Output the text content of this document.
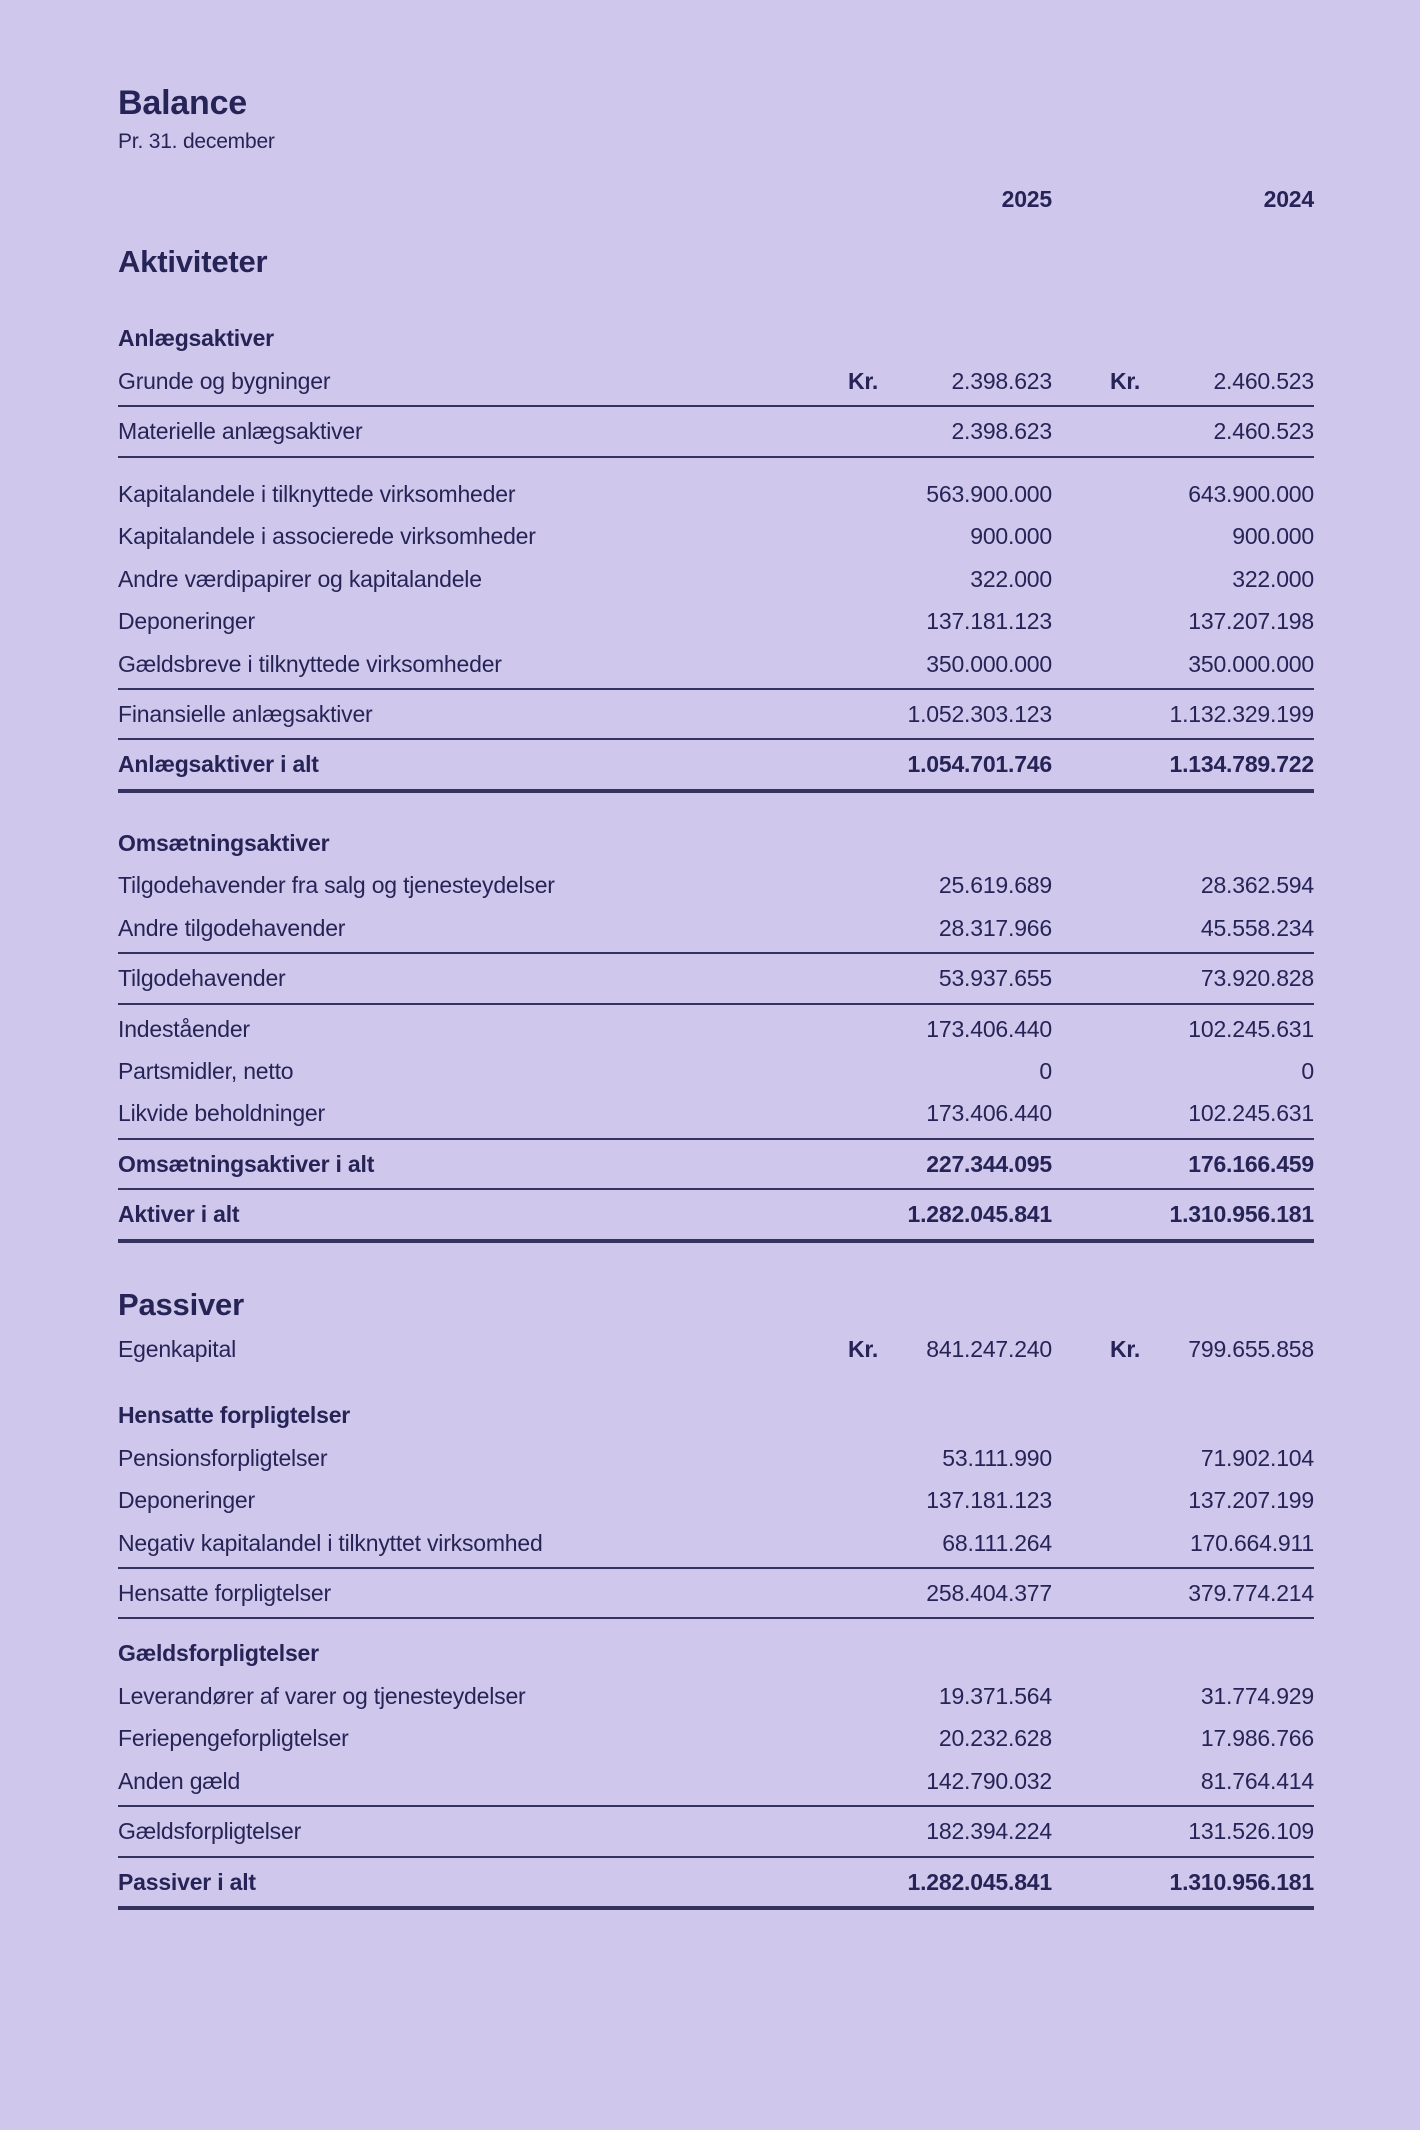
Balance
Pr. 31. december
2025	2024
Aktiviteter
Anlægsaktiver
Grunde og bygninger	Kr.	2.398.623	Kr.	2.460.523
Materielle anlægsaktiver	2.398.623	2.460.523
Kapitalandele i tilknyttede virksomheder	563.900.000	643.900.000
Kapitalandele i associerede virksomheder	900.000	900.000
Andre værdipapirer og kapitalandele	322.000	322.000
Deponeringer	137.181.123	137.207.198
Gældsbreve i tilknyttede virksomheder	350.000.000	350.000.000
Finansielle anlægsaktiver	1.052.303.123	1.132.329.199
Anlægsaktiver i alt	1.054.701.746	1.134.789.722
Omsætningsaktiver
Tilgodehavender fra salg og tjenesteydelser	25.619.689	28.362.594
Andre tilgodehavender	28.317.966	45.558.234
Tilgodehavender	53.937.655	73.920.828
Indeståender	173.406.440	102.245.631
Partsmidler, netto	0	0
Likvide beholdninger	173.406.440	102.245.631
Omsætningsaktiver i alt	227.344.095	176.166.459
Aktiver i alt	1.282.045.841	1.310.956.181
Passiver
Egenkapital	Kr. 841.247.240	Kr. 799.655.858
Hensatte forpligtelser
Pensionsforpligtelser	53.111.990	71.902.104
Deponeringer	137.181.123	137.207.199
Negativ kapitalandel i tilknyttet virksomhed	68.111.264	170.664.911
Hensatte forpligtelser	258.404.377	379.774.214
Gældsforpligtelser
Leverandører af varer og tjenesteydelser	19.371.564	31.774.929
Feriepengeforpligtelser	20.232.628	17.986.766
Anden gæld	142.790.032	81.764.414
Gældsforpligtelser	182.394.224	131.526.109
Passiver i alt	1.282.045.841	1.310.956.181
